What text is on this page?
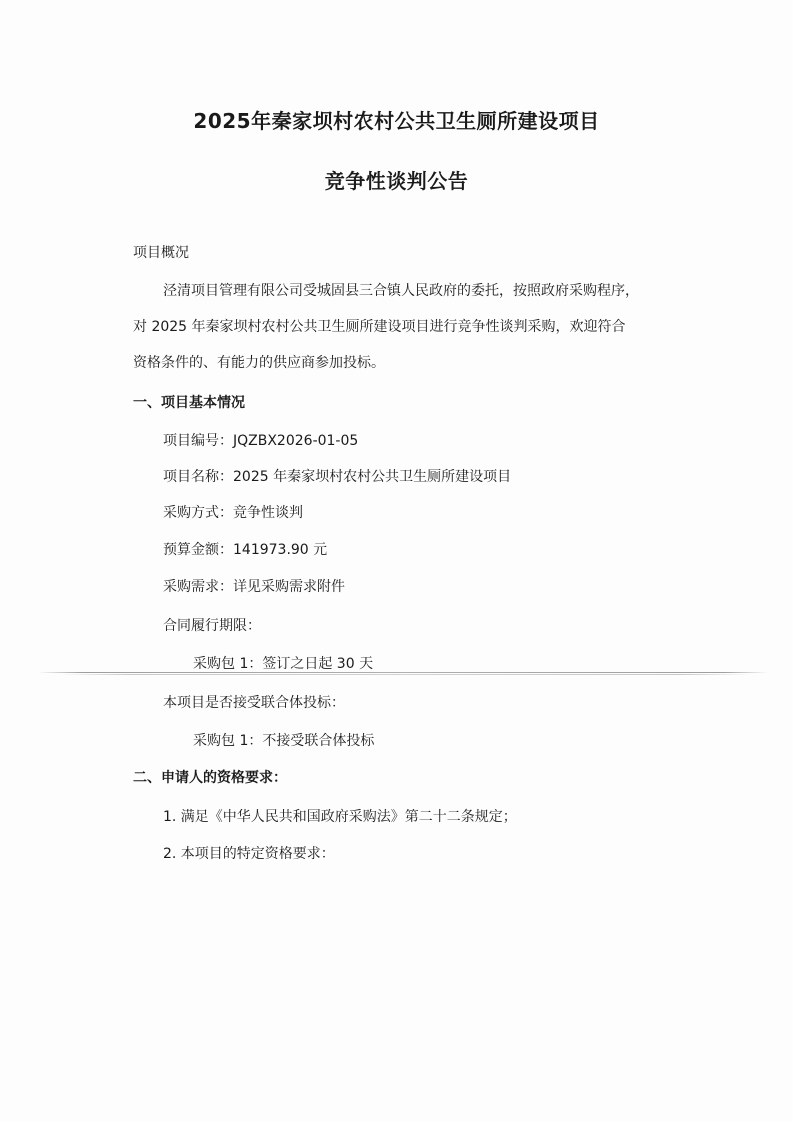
2025年秦家坝村农村公共卫生厕所建设项目
竞争性谈判公告
项目概况
泾清项目管理有限公司受城固县三合镇人民政府的委托，按照政府采购程序，
对 2025 年秦家坝村农村公共卫生厕所建设项目进行竞争性谈判采购，欢迎符合
资格条件的、有能力的供应商参加投标。
一、项目基本情况
项目编号：JQZBX2026-01-05
项目名称：2025 年秦家坝村农村公共卫生厕所建设项目
采购方式：竞争性谈判
预算金额：141973.90 元
采购需求：详见采购需求附件
合同履行期限：
采购包 1：签订之日起 30 天
本项目是否接受联合体投标：
采购包 1：不接受联合体投标
二、申请人的资格要求：
1. 满足《中华人民共和国政府采购法》第二十二条规定；
2. 本项目的特定资格要求：
